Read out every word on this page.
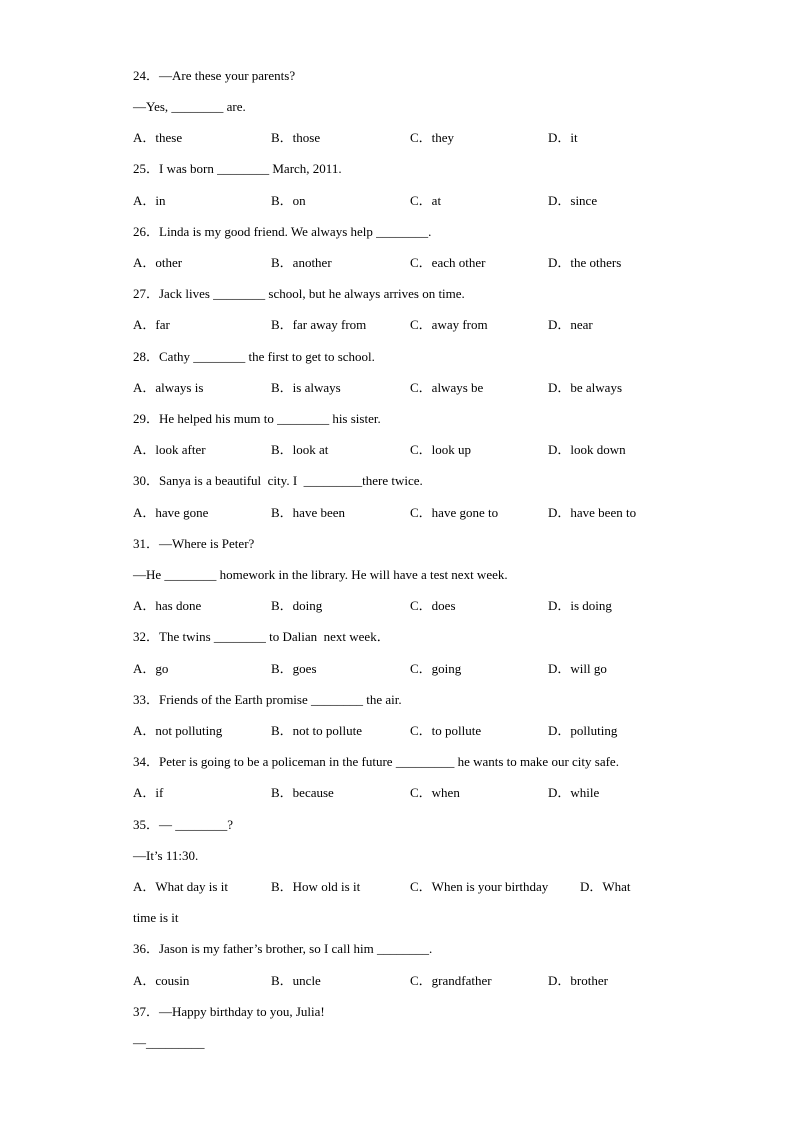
24．—Are these your parents?
—Yes, ________ are.
A．these	B．those	C．they	D．it
25．I was born ________ March, 2011.
A．in	B．on	C．at	D．since
26．Linda is my good friend. We always help ________.
A．other	B．another	C．each other	D．the others
27．Jack lives ________ school, but he always arrives on time.
A．far	B．far away from	C．away from	D．near
28．Cathy ________ the first to get to school.
A．always is	B．is always	C．always be	D．be always
29．He helped his mum to ________ his sister.
A．look after	B．look at	C．look up	D．look down
30．Sanya is a beautiful  city. I  _________there twice.
A．have gone	B．have been	C．have gone to	D．have been to
31．—Where is Peter?
—He ________ homework in the library. He will have a test next week.
A．has done	B．doing	C．does	D．is doing
32．The twins ________ to Dalian  next week．
A．go	B．goes	C．going	D．will go
33．Friends of the Earth promise ________ the air.
A．not polluting	B．not to pollute	C．to pollute	D．polluting
34．Peter is going to be a policeman in the future _________ he wants to make our city safe.
A．if	B．because	C．when	D．while
35．— ________?
—It’s 11:30.
A．What day is it	B．How old is it	C．When is your birthday D．What
time is it
36．Jason is my father’s brother, so I call him ________.
A．cousin	B．uncle	C．grandfather	D．brother
37．—Happy birthday to you, Julia!
—_________
